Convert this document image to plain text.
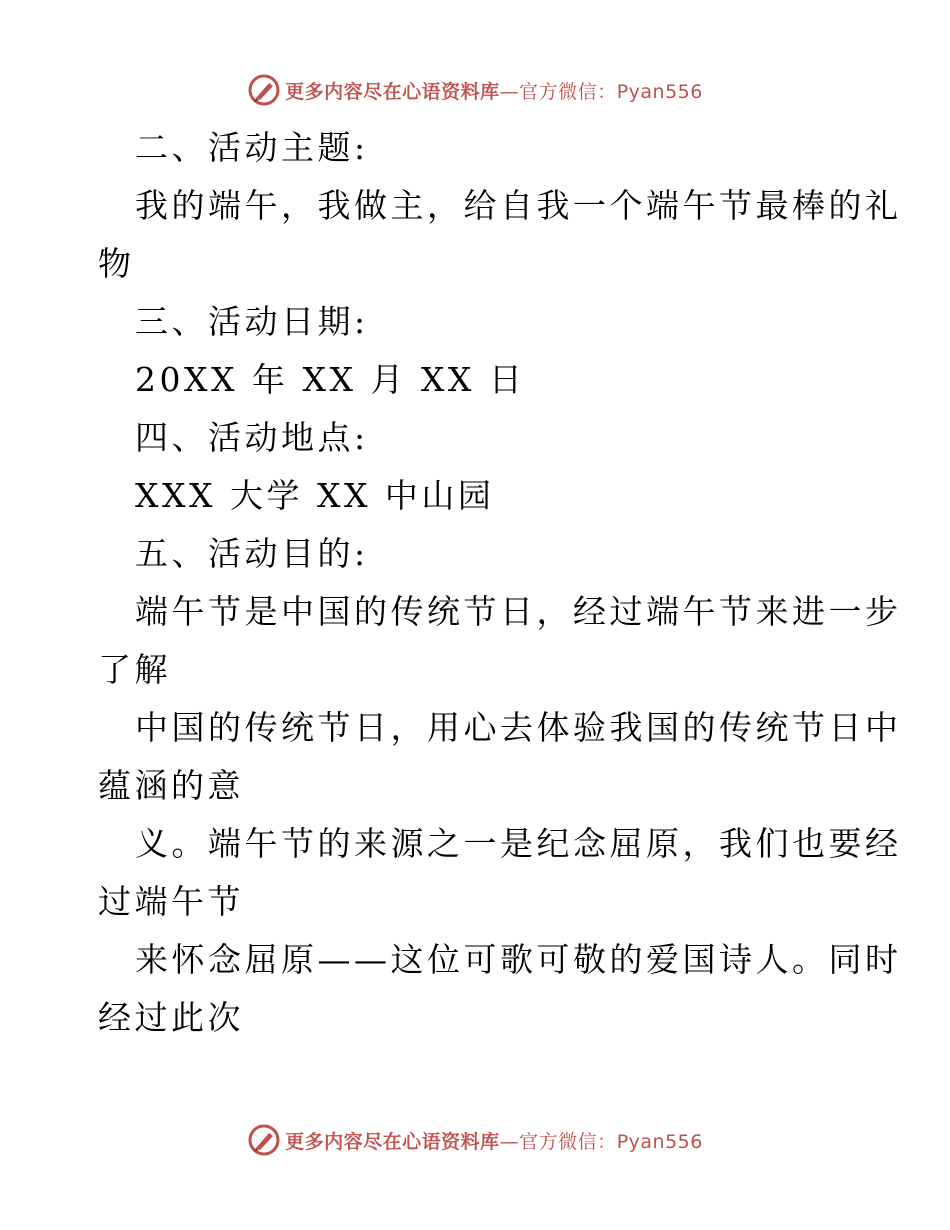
更多内容尽在心语资料库—官方微信：Pyan556
二、活动主题:
我的端午，我做主，给自我一个端午节最棒的礼
物
三、活动日期:
20XX 年 XX 月 XX 日
四、活动地点:
XXX 大学 XX 中山园
五、活动目的:
端午节是中国的传统节日，经过端午节来进一步
了解
中国的传统节日，用心去体验我国的传统节日中
蕴涵的意
义。端午节的来源之一是纪念屈原，我们也要经
过端午节
来怀念屈原——这位可歌可敬的爱国诗人。同时
经过此次
更多内容尽在心语资料库—官方微信：Pyan556
